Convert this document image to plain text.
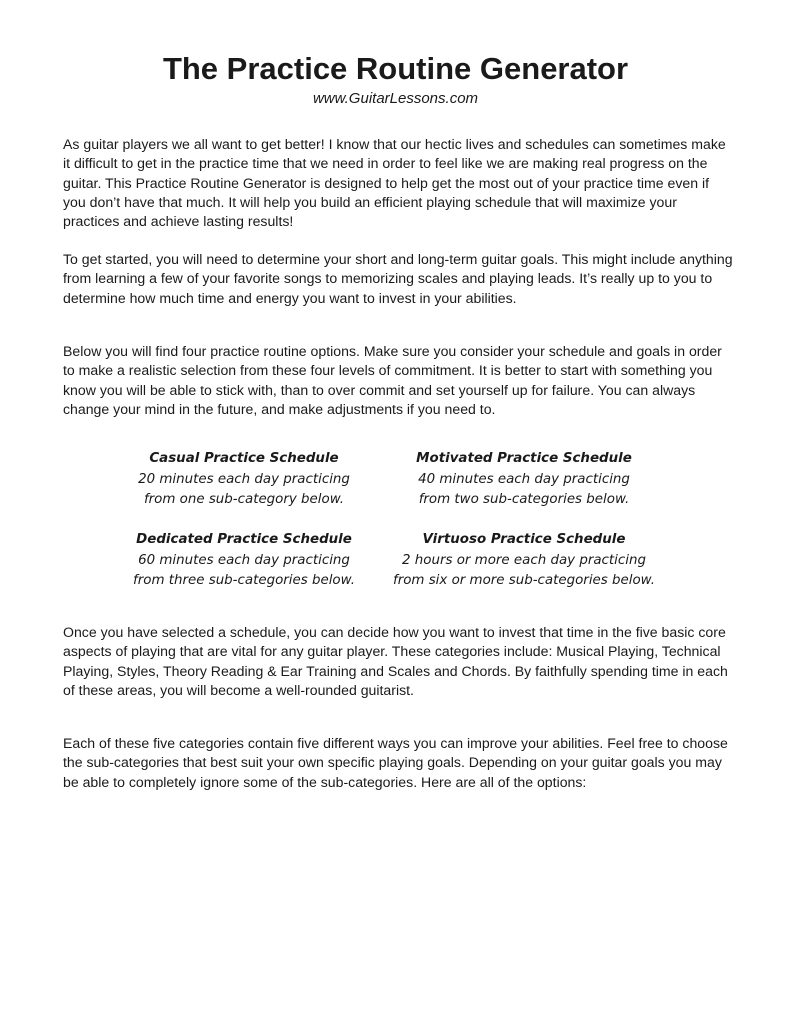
The Practice Routine Generator
www.GuitarLessons.com

As guitar players we all want to get better! I know that our hectic lives and schedules can sometimes make it difficult to get in the practice time that we need in order to feel like we are making real progress on the guitar. This Practice Routine Generator is designed to help get the most out of your practice time even if you don’t have that much. It will help you build an efficient playing schedule that will maximize your practices and achieve lasting results!

To get started, you will need to determine your short and long-term guitar goals. This might include anything from learning a few of your favorite songs to memorizing scales and playing leads. It’s really up to you to determine how much time and energy you want to invest in your abilities.

Below you will find four practice routine options. Make sure you consider your schedule and goals in order to make a realistic selection from these four levels of commitment. It is better to start with something you know you will be able to stick with, than to over commit and set yourself up for failure. You can always change your mind in the future, and make adjustments if you need to.

Casual Practice Schedule
20 minutes each day practicing
from one sub-category below.
Motivated Practice Schedule
40 minutes each day practicing
from two sub-categories below.
Dedicated Practice Schedule
60 minutes each day practicing
from three sub-categories below.
Virtuoso Practice Schedule
2 hours or more each day practicing
from six or more sub-categories below.

Once you have selected a schedule, you can decide how you want to invest that time in the five basic core aspects of playing that are vital for any guitar player. These categories include: Musical Playing, Technical Playing, Styles, Theory Reading & Ear Training and Scales and Chords. By faithfully spending time in each of these areas, you will become a well-rounded guitarist.

Each of these five categories contain five different ways you can improve your abilities. Feel free to choose the sub-categories that best suit your own specific playing goals. Depending on your guitar goals you may be able to completely ignore some of the sub-categories. Here are all of the options:
